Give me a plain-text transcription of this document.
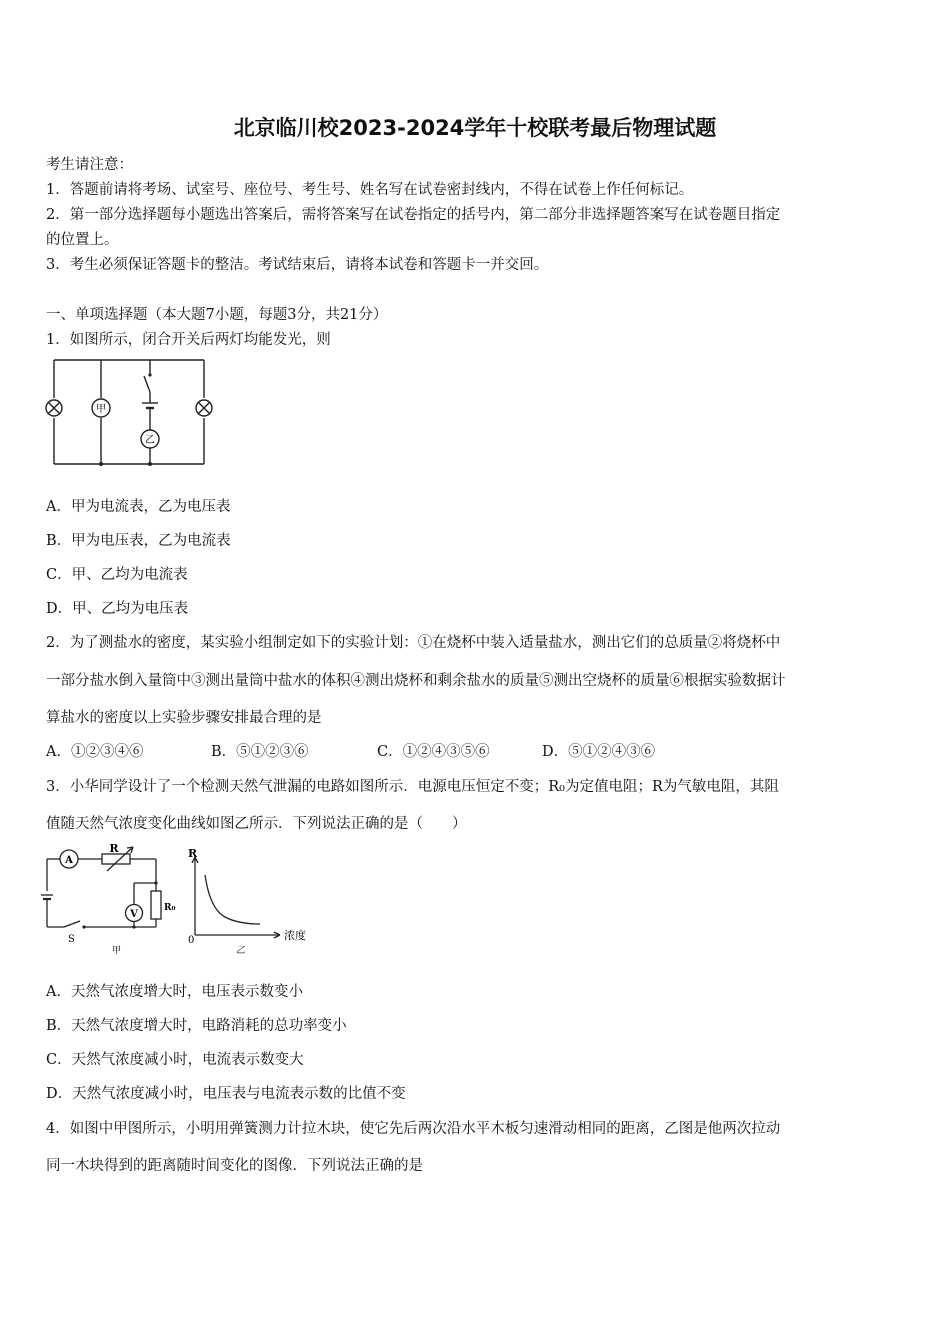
北京临川校2023-2024学年十校联考最后物理试题
考生请注意：
1．答题前请将考场、试室号、座位号、考生号、姓名写在试卷密封线内，不得在试卷上作任何标记。
2．第一部分选择题每小题选出答案后，需将答案写在试卷指定的括号内，第二部分非选择题答案写在试卷题目指定
的位置上。
3．考生必须保证答题卡的整洁。考试结束后，请将本试卷和答题卡一并交回。
一、单项选择题（本大题7小题，每题3分，共21分）
1．如图所示，闭合开关后两灯均能发光，则
甲
乙
A．甲为电流表，乙为电压表
B．甲为电压表，乙为电流表
C．甲、乙均为电流表
D．甲、乙均为电压表
2．为了测盐水的密度，某实验小组制定如下的实验计划：①在烧杯中装入适量盐水，测出它们的总质量②将烧杯中
一部分盐水倒入量筒中③测出量筒中盐水的体积④测出烧杯和剩余盐水的质量⑤测出空烧杯的质量⑥根据实验数据计
算盐水的密度以上实验步骤安排最合理的是
A．①②③④⑥	B．⑤①②③⑥	C．①②④③⑤⑥	D．⑤①②④③⑥
3．小华同学设计了一个检测天然气泄漏的电路如图所示．电源电压恒定不变；R₀为定值电阻；R为气敏电阻，其阻
值随天然气浓度变化曲线如图乙所示．下列说法正确的是（　　）
A
R
V
R₀
S
甲
R
0	浓度
乙
A．天然气浓度增大时，电压表示数变小
B．天然气浓度增大时，电路消耗的总功率变小
C．天然气浓度减小时，电流表示数变大
D．天然气浓度减小时，电压表与电流表示数的比值不变
4．如图中甲图所示，小明用弹簧测力计拉木块，使它先后两次沿水平木板匀速滑动相同的距离，乙图是他两次拉动
同一木块得到的距离随时间变化的图像．下列说法正确的是
